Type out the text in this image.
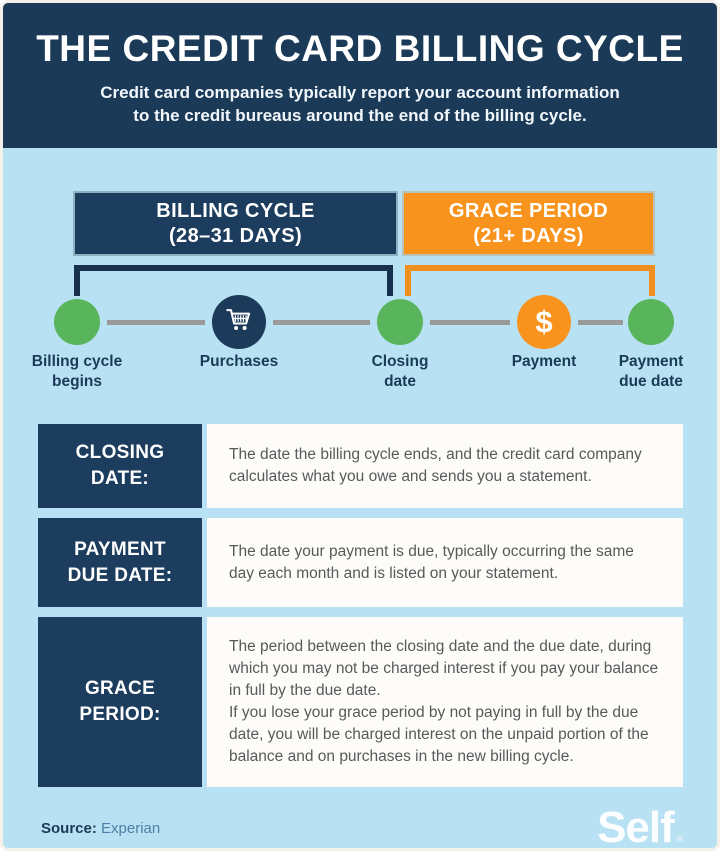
THE CREDIT CARD BILLING CYCLE
Credit card companies typically report your account information
to the credit bureaus around the end of the billing cycle.
BILLING CYCLE
(28–31 DAYS)
GRACE PERIOD
(21+ DAYS)
$
Billing cycle begins
Purchases	Closing date
Payment	Payment due date
CLOSING DATE:

The date the billing cycle ends, and the credit card company calculates what you owe and sends you a statement.

PAYMENT DUE DATE:

The date your payment is due, typically occurring the same day each month and is listed on your statement.

GRACE PERIOD:

The period between the closing date and the due date, during which you may not be charged interest if you pay your balance in full by the due date.

If you lose your grace period by not paying in full by the due date, you will be charged interest on the unpaid portion of the balance and on purchases in the new billing cycle.

Source: Experian	Self.
